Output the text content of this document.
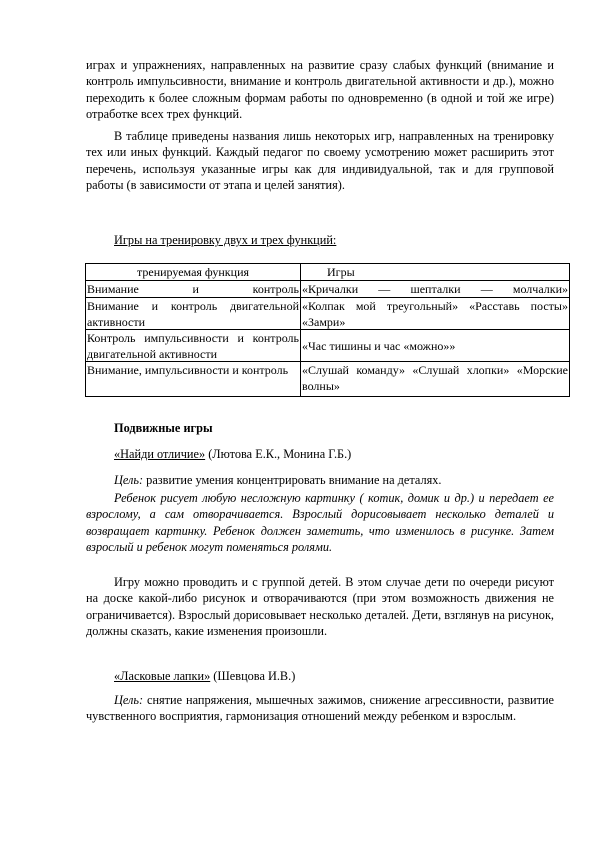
играх и упражнениях, направленных на развитие сразу слабых функций (внимание и контроль импульсивности, внимание и контроль двигательной активности и др.), можно переходить к более сложным формам работы по одновременно (в одной и той же игре) отработке всех трех функций.

В таблице приведены названия лишь некоторых игр, направленных на тренировку тех или иных функций. Каждый педагог по своему усмотрению может расширить этот перечень, используя указанные игры как для индивидуальной, так и для групповой работы (в зависимости от этапа и целей занятия).

Игры на тренировку двух и трех функций:

тренируемая функция	Игры

Внимание и контроль	«Кричалки — шепталки — молчалки»

Внимание и контроль двигательной активности	«Колпак мой треугольный» «Расставь посты» «Замри»

Контроль импульсивности и контроль двигательной активности	«Час тишины и час «можно»»

Внимание, импульсивности и контроль	«Слушай команду» «Слушай хлопки» «Морские волны»

Подвижные игры

«Найди отличие» (Лютова Е.К., Монина Г.Б.)

Цель: развитие умения концентрировать внимание на деталях.

Ребенок рисует любую несложную картинку ( котик, домик и др.) и передает ее взрослому, а сам отворачивается. Взрослый дорисовывает несколько деталей и возвращает картинку. Ребенок должен заметить, что изменилось в рисунке. Затем взрослый и ребенок могут поменяться ролями.

Игру можно проводить и с группой детей. В этом случае дети по очереди рисуют на доске какой-либо рисунок и отворачиваются (при этом возможность движения не ограничивается). Взрослый дорисовывает несколько деталей. Дети, взглянув на рисунок, должны сказать, какие изменения произошли.

«Ласковые лапки» (Шевцова И.В.)

Цель: снятие напряжения, мышечных зажимов, снижение агрессивности, развитие чувственного восприятия, гармонизация отношений между ребенком и взрослым.
